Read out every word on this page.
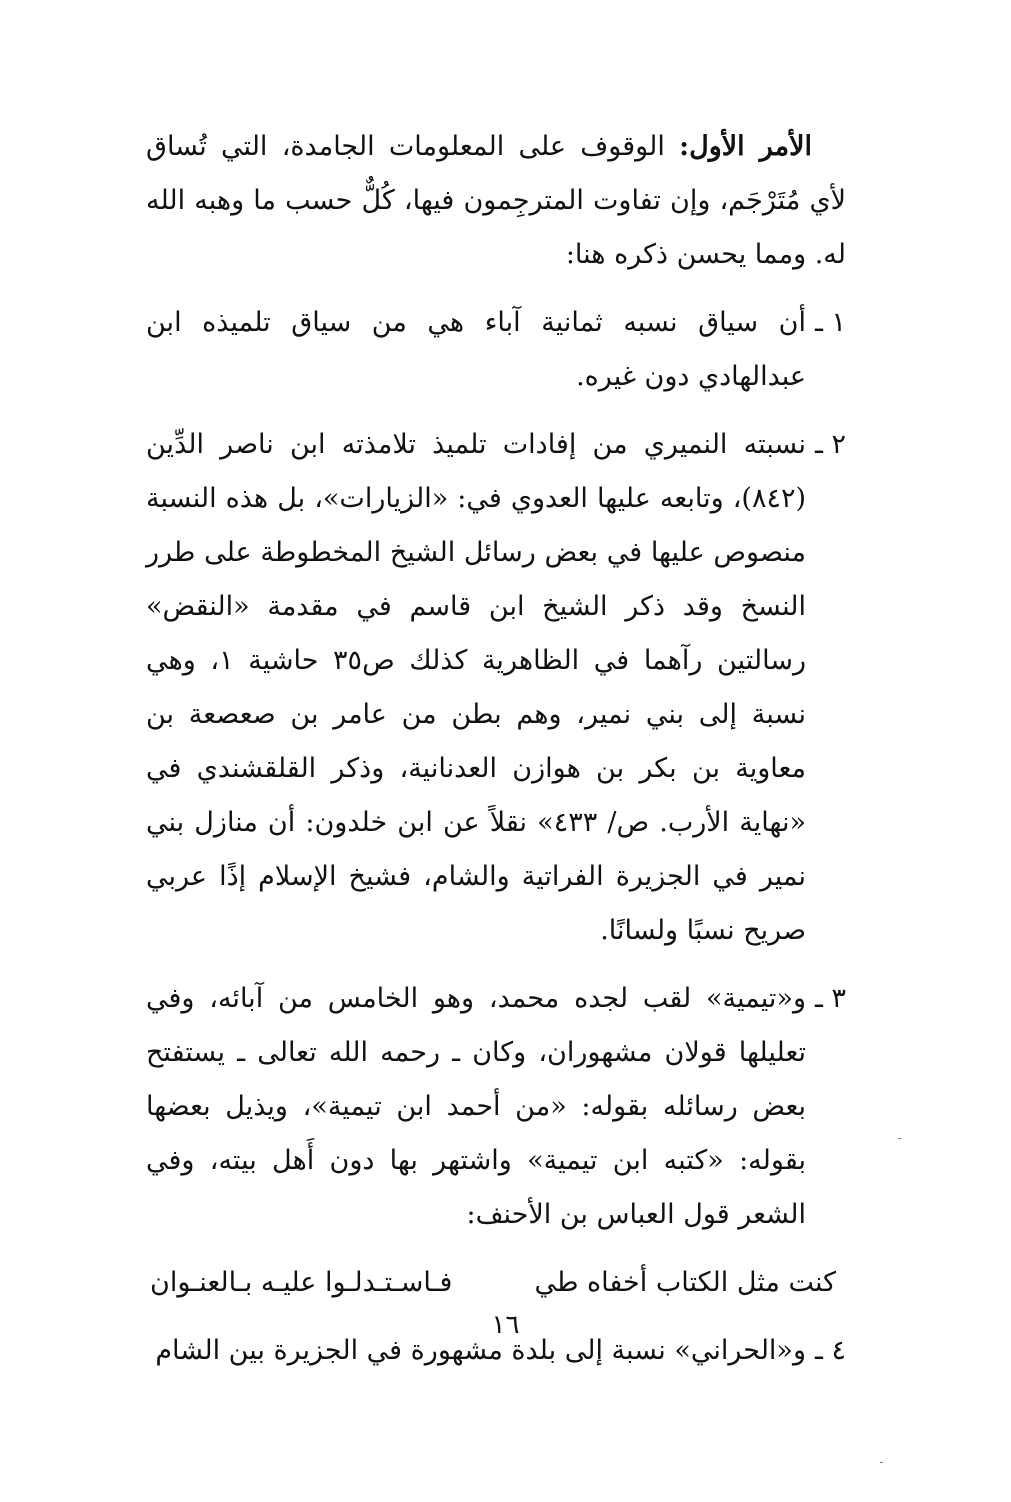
الأمر الأول: الوقوف على المعلومات الجامدة، التي تُساق لأي مُتَرْجَم، وإن تفاوت المترجِمون فيها، كُلٌّ حسب ما وهبه الله له. ومما يحسن ذكره هنا:

١ ـ
أن سياق نسبه ثمانية آباء هي من سياق تلميذه ابن عبدالهادي دون غيره.
٢ ـ
نسبته النميري من إفادات تلميذ تلامذته ابن ناصر الدِّين (٨٤٢)، وتابعه عليها العدوي في: «الزيارات»، بل هذه النسبة منصوص عليها في بعض رسائل الشيخ المخطوطة على طرر النسخ وقد ذكر الشيخ ابن قاسم في مقدمة «النقض» رسالتين رآهما في الظاهرية كذلك ص٣٥ حاشية ١، وهي نسبة إلى بني نمير، وهم بطن من عامر بن صعصعة بن معاوية بن بكر بن هوازن العدنانية، وذكر القلقشندي في «نهاية الأرب. ص/ ٤٣٣» نقلاً عن ابن خلدون: أن منازل بني نمير في الجزيرة الفراتية والشام، فشيخ الإسلام إذًا عربي صريح نسبًا ولسانًا.
٣ ـ
و«تيمية» لقب لجده محمد، وهو الخامس من آبائه، وفي تعليلها قولان مشهوران، وكان ـ رحمه الله تعالى ـ يستفتح بعض رسائله بقوله: «من أحمد ابن تيمية»، ويذيل بعضها بقوله: «كتبه ابن تيمية» واشتهر بها دون أَهل بيته، وفي الشعر قول العباس بن الأحنف:
كنت مثل الكتاب أخفاه طي
فـاسـتـدلـوا عليـه بـالعنـوان
٤ ـ
و«الحراني» نسبة إلى بلدة مشهورة في الجزيرة بين الشام
١٦
